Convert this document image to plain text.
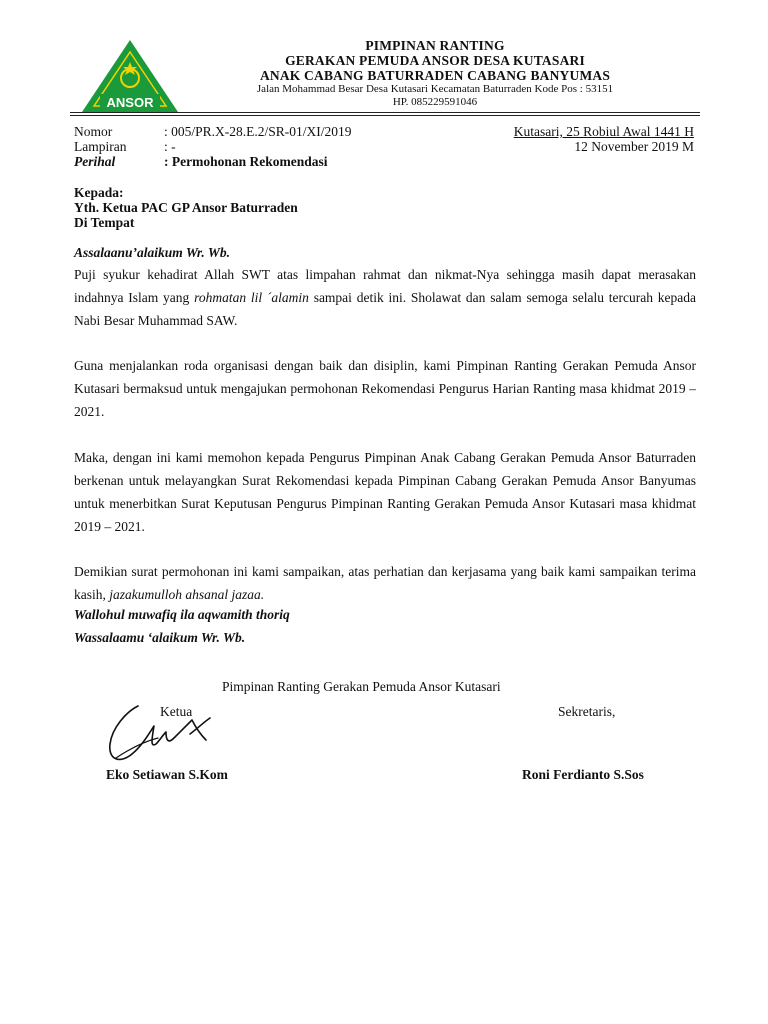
ANSOR
PIMPINAN RANTING
GERAKAN PEMUDA ANSOR DESA KUTASARI
ANAK CABANG BATURRADEN CABANG BANYUMAS
Jalan Mohammad Besar Desa Kutasari Kecamatan Baturraden Kode Pos : 53151
HP. 085229591046
Nomor	: 005/PR.X-28.E.2/SR-01/XI/2019	Kutasari, 25 Robiul Awal 1441 H
Lampiran	: -	12 November 2019 M
Perihal	: Permohonan Rekomendasi
Kepada:
Yth. Ketua PAC GP Ansor Baturraden
Di Tempat
Assalaanu’alaikum Wr. Wb.
Puji syukur kehadirat Allah SWT atas limpahan rahmat dan nikmat-Nya sehingga masih dapat merasakan indahnya Islam yang rohmatan lil ´alamin sampai detik ini. Sholawat dan salam semoga selalu tercurah kepada Nabi Besar Muhammad SAW.
Guna menjalankan roda organisasi dengan baik dan disiplin, kami Pimpinan Ranting Gerakan Pemuda Ansor Kutasari bermaksud untuk mengajukan permohonan Rekomendasi Pengurus Harian Ranting masa khidmat 2019 – 2021.
Maka, dengan ini kami memohon kepada Pengurus Pimpinan Anak Cabang Gerakan Pemuda Ansor Baturraden berkenan untuk melayangkan Surat Rekomendasi kepada Pimpinan Cabang Gerakan Pemuda Ansor Banyumas untuk menerbitkan Surat Keputusan Pengurus Pimpinan Ranting Gerakan Pemuda Ansor Kutasari masa khidmat 2019 – 2021.
Demikian surat permohonan ini kami sampaikan, atas perhatian dan kerjasama yang baik kami sampaikan terima kasih, jazakumulloh ahsanal jazaa.
Wallohul muwafiq ila aqwamith thoriq
Wassalaamu ‘alaikum Wr. Wb.
Pimpinan Ranting Gerakan Pemuda Ansor Kutasari
Ketua	Sekretaris,
Eko Setiawan S.Kom	Roni Ferdianto S.Sos
